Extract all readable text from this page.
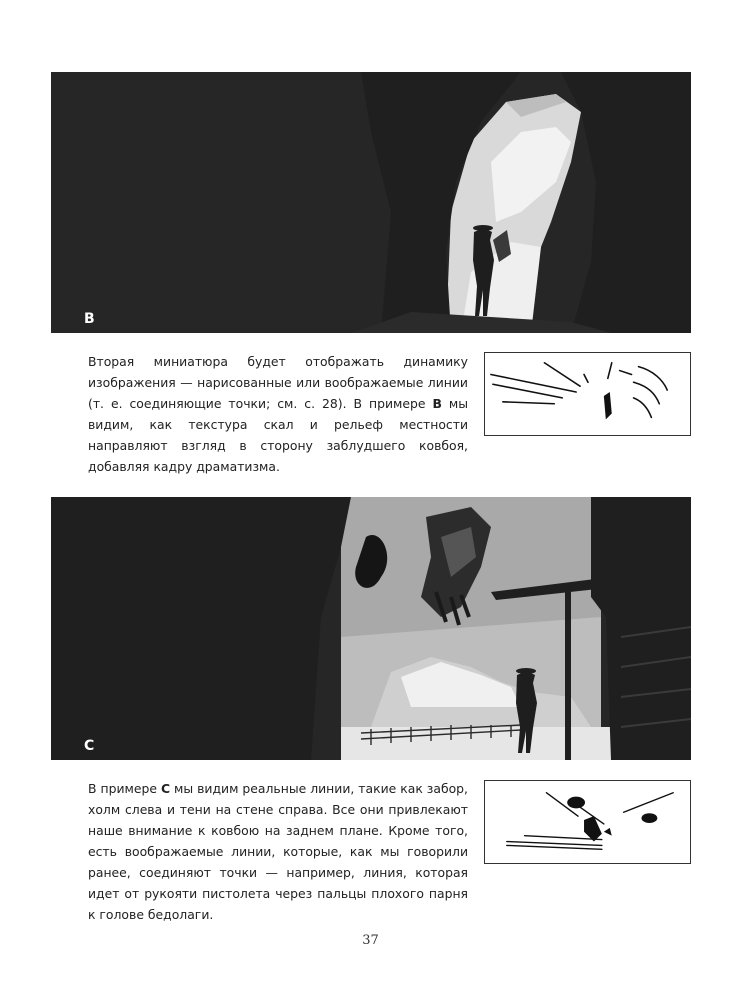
B

Вторая миниатюра будет отображать динамику изображения — нарисованные или воображаемые линии (т. е. соединяющие точки; см. с. 28). В примере B мы видим, как текстура скал и рельеф местности направляют взгляд в сторону заблудшего ковбоя, добавляя кадру драматизма.

C

В примере C мы видим реальные линии, такие как забор, холм слева и тени на стене справа. Все они привлекают наше внимание к ковбою на заднем плане. Кроме того, есть воображаемые линии, которые, как мы говорили ранее, соединяют точки — например, линия, которая идет от рукояти пистолета через пальцы плохого парня к голове бедолаги.

37
